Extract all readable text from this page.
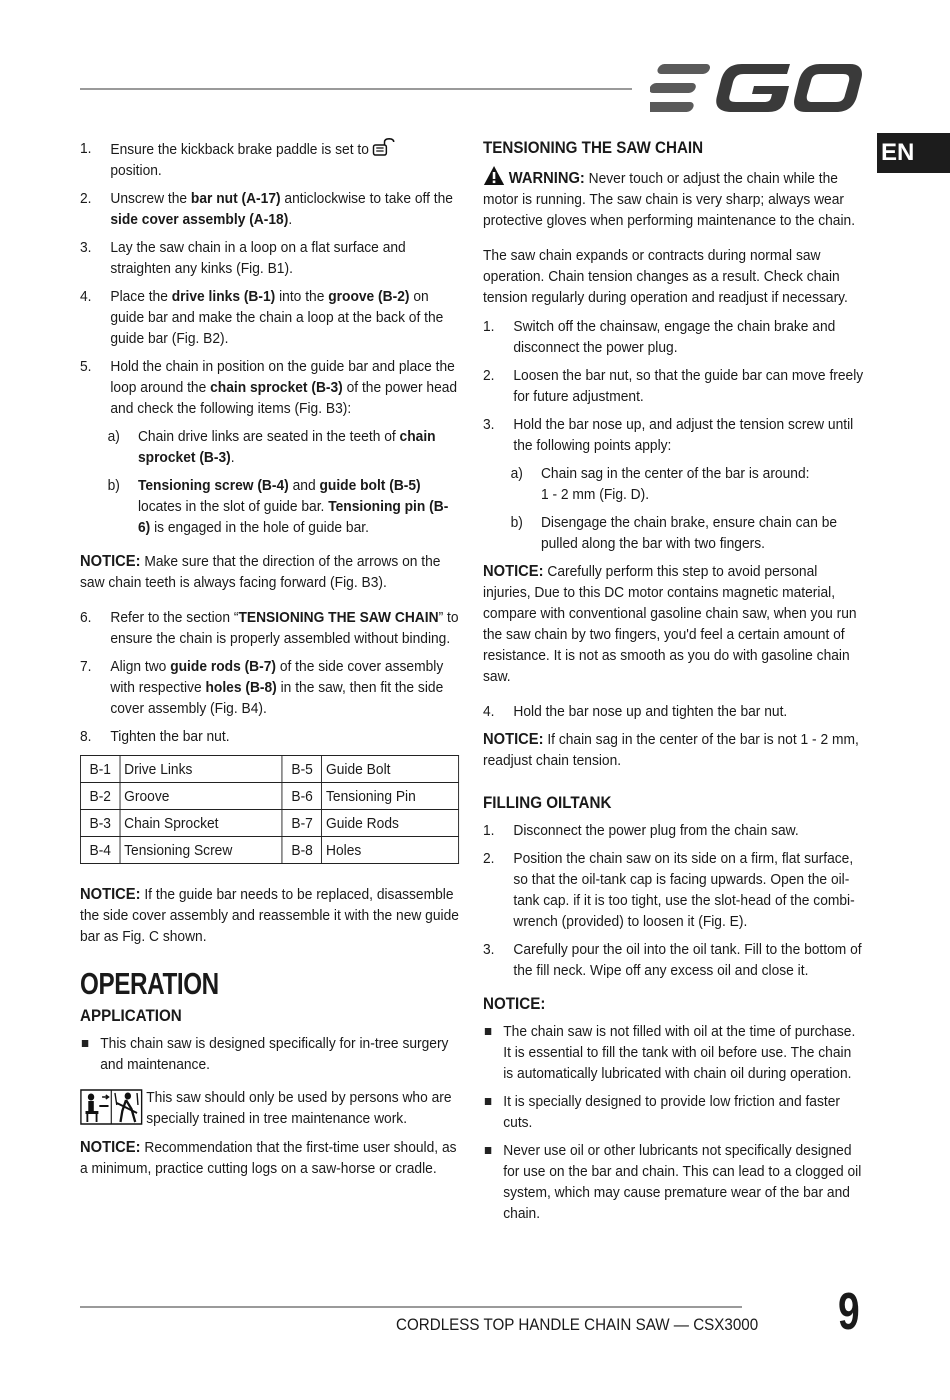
EN
1. Ensure the kickback brake paddle is set to
position.
2. Unscrew the bar nut (A-17) anticlockwise to take off the side cover assembly (A-18).
3. Lay the saw chain in a loop on a flat surface and straighten any kinks (Fig. B1).
4. Place the drive links (B-1) into the groove (B-2) on guide bar and make the chain a loop at the back of the guide bar (Fig. B2).
5. Hold the chain in position on the guide bar and place the loop around the chain sprocket (B-3) of the power head and check the following items (Fig. B3):
a) Chain drive links are seated in the teeth of chain sprocket (B-3).
b) Tensioning screw (B-4) and guide bolt (B-5) locates in the slot of guide bar. Tensioning pin (B-6) is engaged in the hole of guide bar.

NOTICE: Make sure that the direction of the arrows on the saw chain teeth is always facing forward (Fig. B3).

6. Refer to the section “TENSIONING THE SAW CHAIN” to ensure the chain is properly assembled without binding.
7. Align two guide rods (B-7) of the side cover assembly with respective holes (B-8) in the saw, then fit the side cover assembly (Fig. B4).
8. Tighten the bar nut.
B-1	Drive Links	B-5	Guide Bolt
B-2	Groove	B-6	Tensioning Pin
B-3	Chain Sprocket	B-7	Guide Rods
B-4	Tensioning Screw	B-8	Holes

NOTICE: If the guide bar needs to be replaced, disassemble the side cover assembly and reassemble it with the new guide bar as Fig. C shown.

OPERATION
APPLICATION
This chain saw is designed specifically for in-tree surgery and maintenance.
This saw should only be used by persons who are specially trained in tree maintenance work.

NOTICE: Recommendation that the first-time user should, as a minimum, practice cutting logs on a saw-horse or cradle.

TENSIONING THE SAW CHAIN

WARNING: Never touch or adjust the chain while the motor is running. The saw chain is very sharp; always wear protective gloves when performing maintenance to the chain.

The saw chain expands or contracts during normal saw operation. Chain tension changes as a result. Check chain tension regularly during operation and readjust if necessary.

1. Switch off the chainsaw, engage the chain brake and disconnect the power plug.
2. Loosen the bar nut, so that the guide bar can move freely for future adjustment.
3. Hold the bar nose up, and adjust the tension screw until the following points apply:
a) Chain sag in the center of the bar is around:
1 - 2 mm (Fig. D).
b) Disengage the chain brake, ensure chain can be pulled along the bar with two fingers.

NOTICE: Carefully perform this step to avoid personal injuries, Due to this DC motor contains magnetic material, compare with conventional gasoline chain saw, when you run the saw chain by two fingers, you'd feel a certain amount of resistance. It is not as smooth as you do with gasoline chain saw.

4. Hold the bar nose up and tighten the bar nut.

NOTICE: If chain sag in the center of the bar is not 1 - 2 mm, readjust chain tension.

FILLING OILTANK
1. Disconnect the power plug from the chain saw.
2. Position the chain saw on its side on a firm, flat surface, so that the oil-tank cap is facing upwards. Open the oil-tank cap. if it is too tight, use the slot-head of the combi- wrench (provided) to loosen it (Fig. E).
3. Carefully pour the oil into the oil tank. Fill to the bottom of the fill neck. Wipe off any excess oil and close it.
NOTICE:
The chain saw is not filled with oil at the time of purchase. It is essential to fill the tank with oil before use. The chain is automatically lubricated with chain oil during operation.
It is specially designed to provide low friction and faster cuts.
Never use oil or other lubricants not specifically designed for use on the bar and chain. This can lead to a clogged oil system, which may cause premature wear of the bar and chain.
CORDLESS TOP HANDLE CHAIN SAW — CSX3000 9
